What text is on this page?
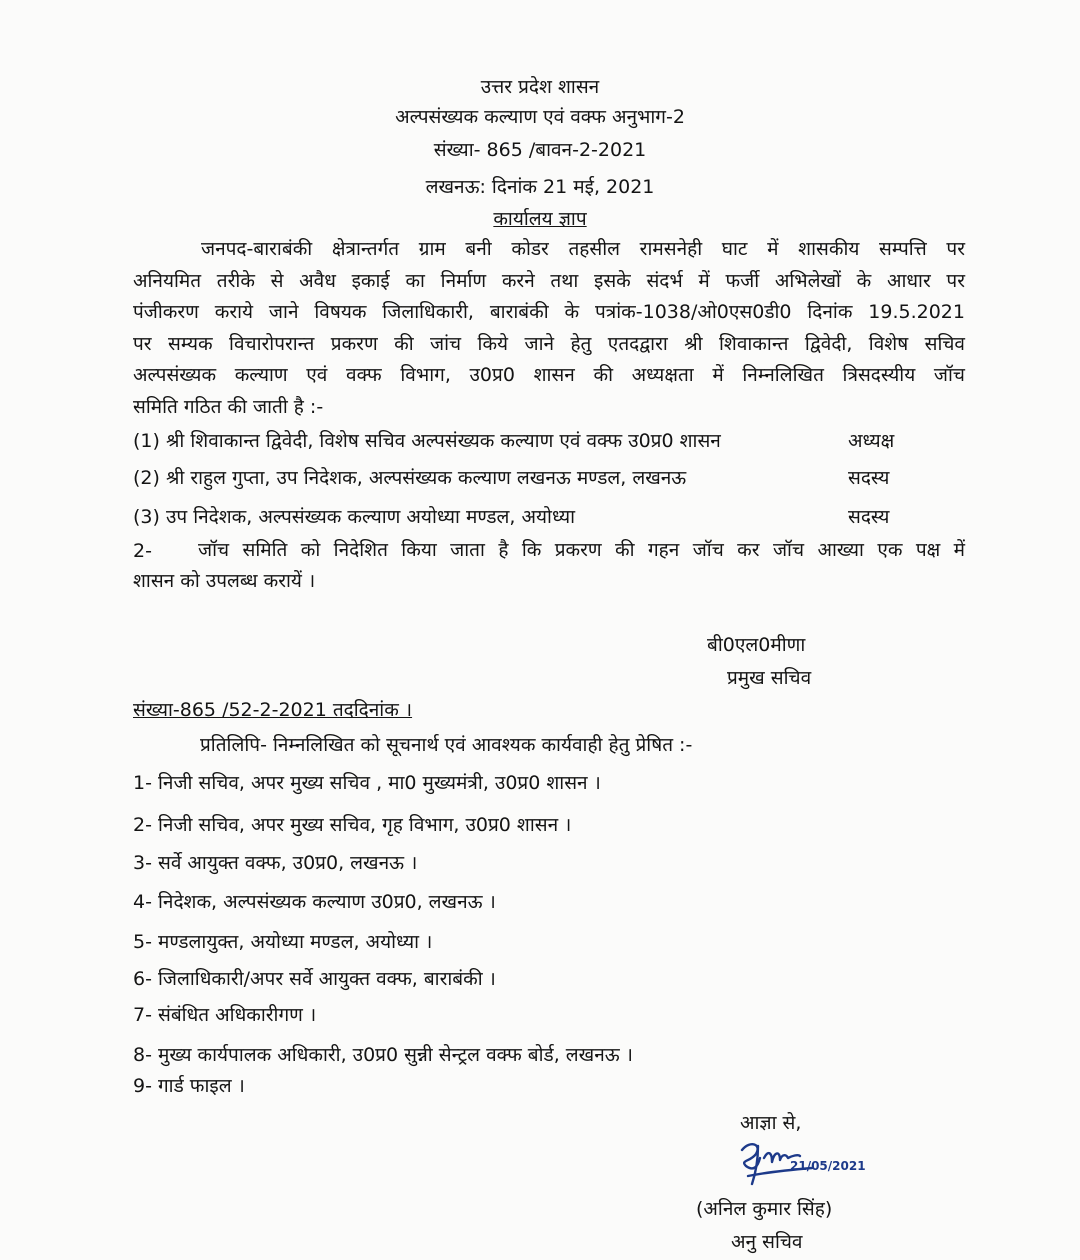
उत्तर प्रदेश शासन
अल्पसंख्यक कल्याण एवं वक्फ अनुभाग-2
संख्या- 865 /बावन-2-2021
लखनऊ: दिनांक 21 मई, 2021
कार्यालय ज्ञाप
जनपद-बाराबंकी क्षेत्रान्तर्गत ग्राम बनी कोडर तहसील रामसनेही घाट में शासकीय सम्पत्ति पर
अनियमित तरीके से अवैध इकाई का निर्माण करने तथा इसके संदर्भ में फर्जी अभिलेखों के आधार पर
पंजीकरण कराये जाने विषयक जिलाधिकारी, बाराबंकी के पत्रांक-1038/ओ0एस0डी0 दिनांक 19.5.2021
पर सम्यक विचारोपरान्त प्रकरण की जांच किये जाने हेतु एतदद्वारा श्री शिवाकान्त द्विवेदी, विशेष सचिव
अल्पसंख्यक कल्याण एवं वक्फ विभाग, उ0प्र0 शासन की अध्यक्षता में निम्नलिखित त्रिसदस्यीय जॉच
समिति गठित की जाती है :-
(1) श्री शिवाकान्त द्विवेदी, विशेष सचिव अल्पसंख्यक कल्याण एवं वक्फ उ0प्र0 शासन	अध्यक्ष
(2) श्री राहुल गुप्ता, उप निदेशक, अल्पसंख्यक कल्याण लखनऊ मण्डल, लखनऊ	सदस्य
(3) उप निदेशक, अल्पसंख्यक कल्याण अयोध्या मण्डल, अयोध्या	सदस्य
2- जॉच समिति को निदेशित किया जाता है कि प्रकरण की गहन जॉच कर जॉच आख्या एक पक्ष में
शासन को उपलब्ध करायें ।
बी0एल0मीणा
प्रमुख सचिव
संख्या-865 /52-2-2021 तददिनांक ।
प्रतिलिपि- निम्नलिखित को सूचनार्थ एवं आवश्यक कार्यवाही हेतु प्रेषित :-
1- निजी सचिव, अपर मुख्य सचिव , मा0 मुख्यमंत्री, उ0प्र0 शासन ।
2- निजी सचिव, अपर मुख्य सचिव, गृह विभाग, उ0प्र0 शासन ।
3- सर्वे आयुक्त वक्फ, उ0प्र0, लखनऊ ।
4- निदेशक, अल्पसंख्यक कल्याण उ0प्र0, लखनऊ ।
5- मण्डलायुक्त, अयोध्या मण्डल, अयोध्या ।
6- जिलाधिकारी/अपर सर्वे आयुक्त वक्फ, बाराबंकी ।
7- संबंधित अधिकारीगण ।
8- मुख्य कार्यपालक अधिकारी, उ0प्र0 सुन्नी सेन्ट्रल वक्फ बोर्ड, लखनऊ ।
9- गार्ड फाइल ।
आज्ञा से,
21/05/2021
(अनिल कुमार सिंह)
अनु सचिव
